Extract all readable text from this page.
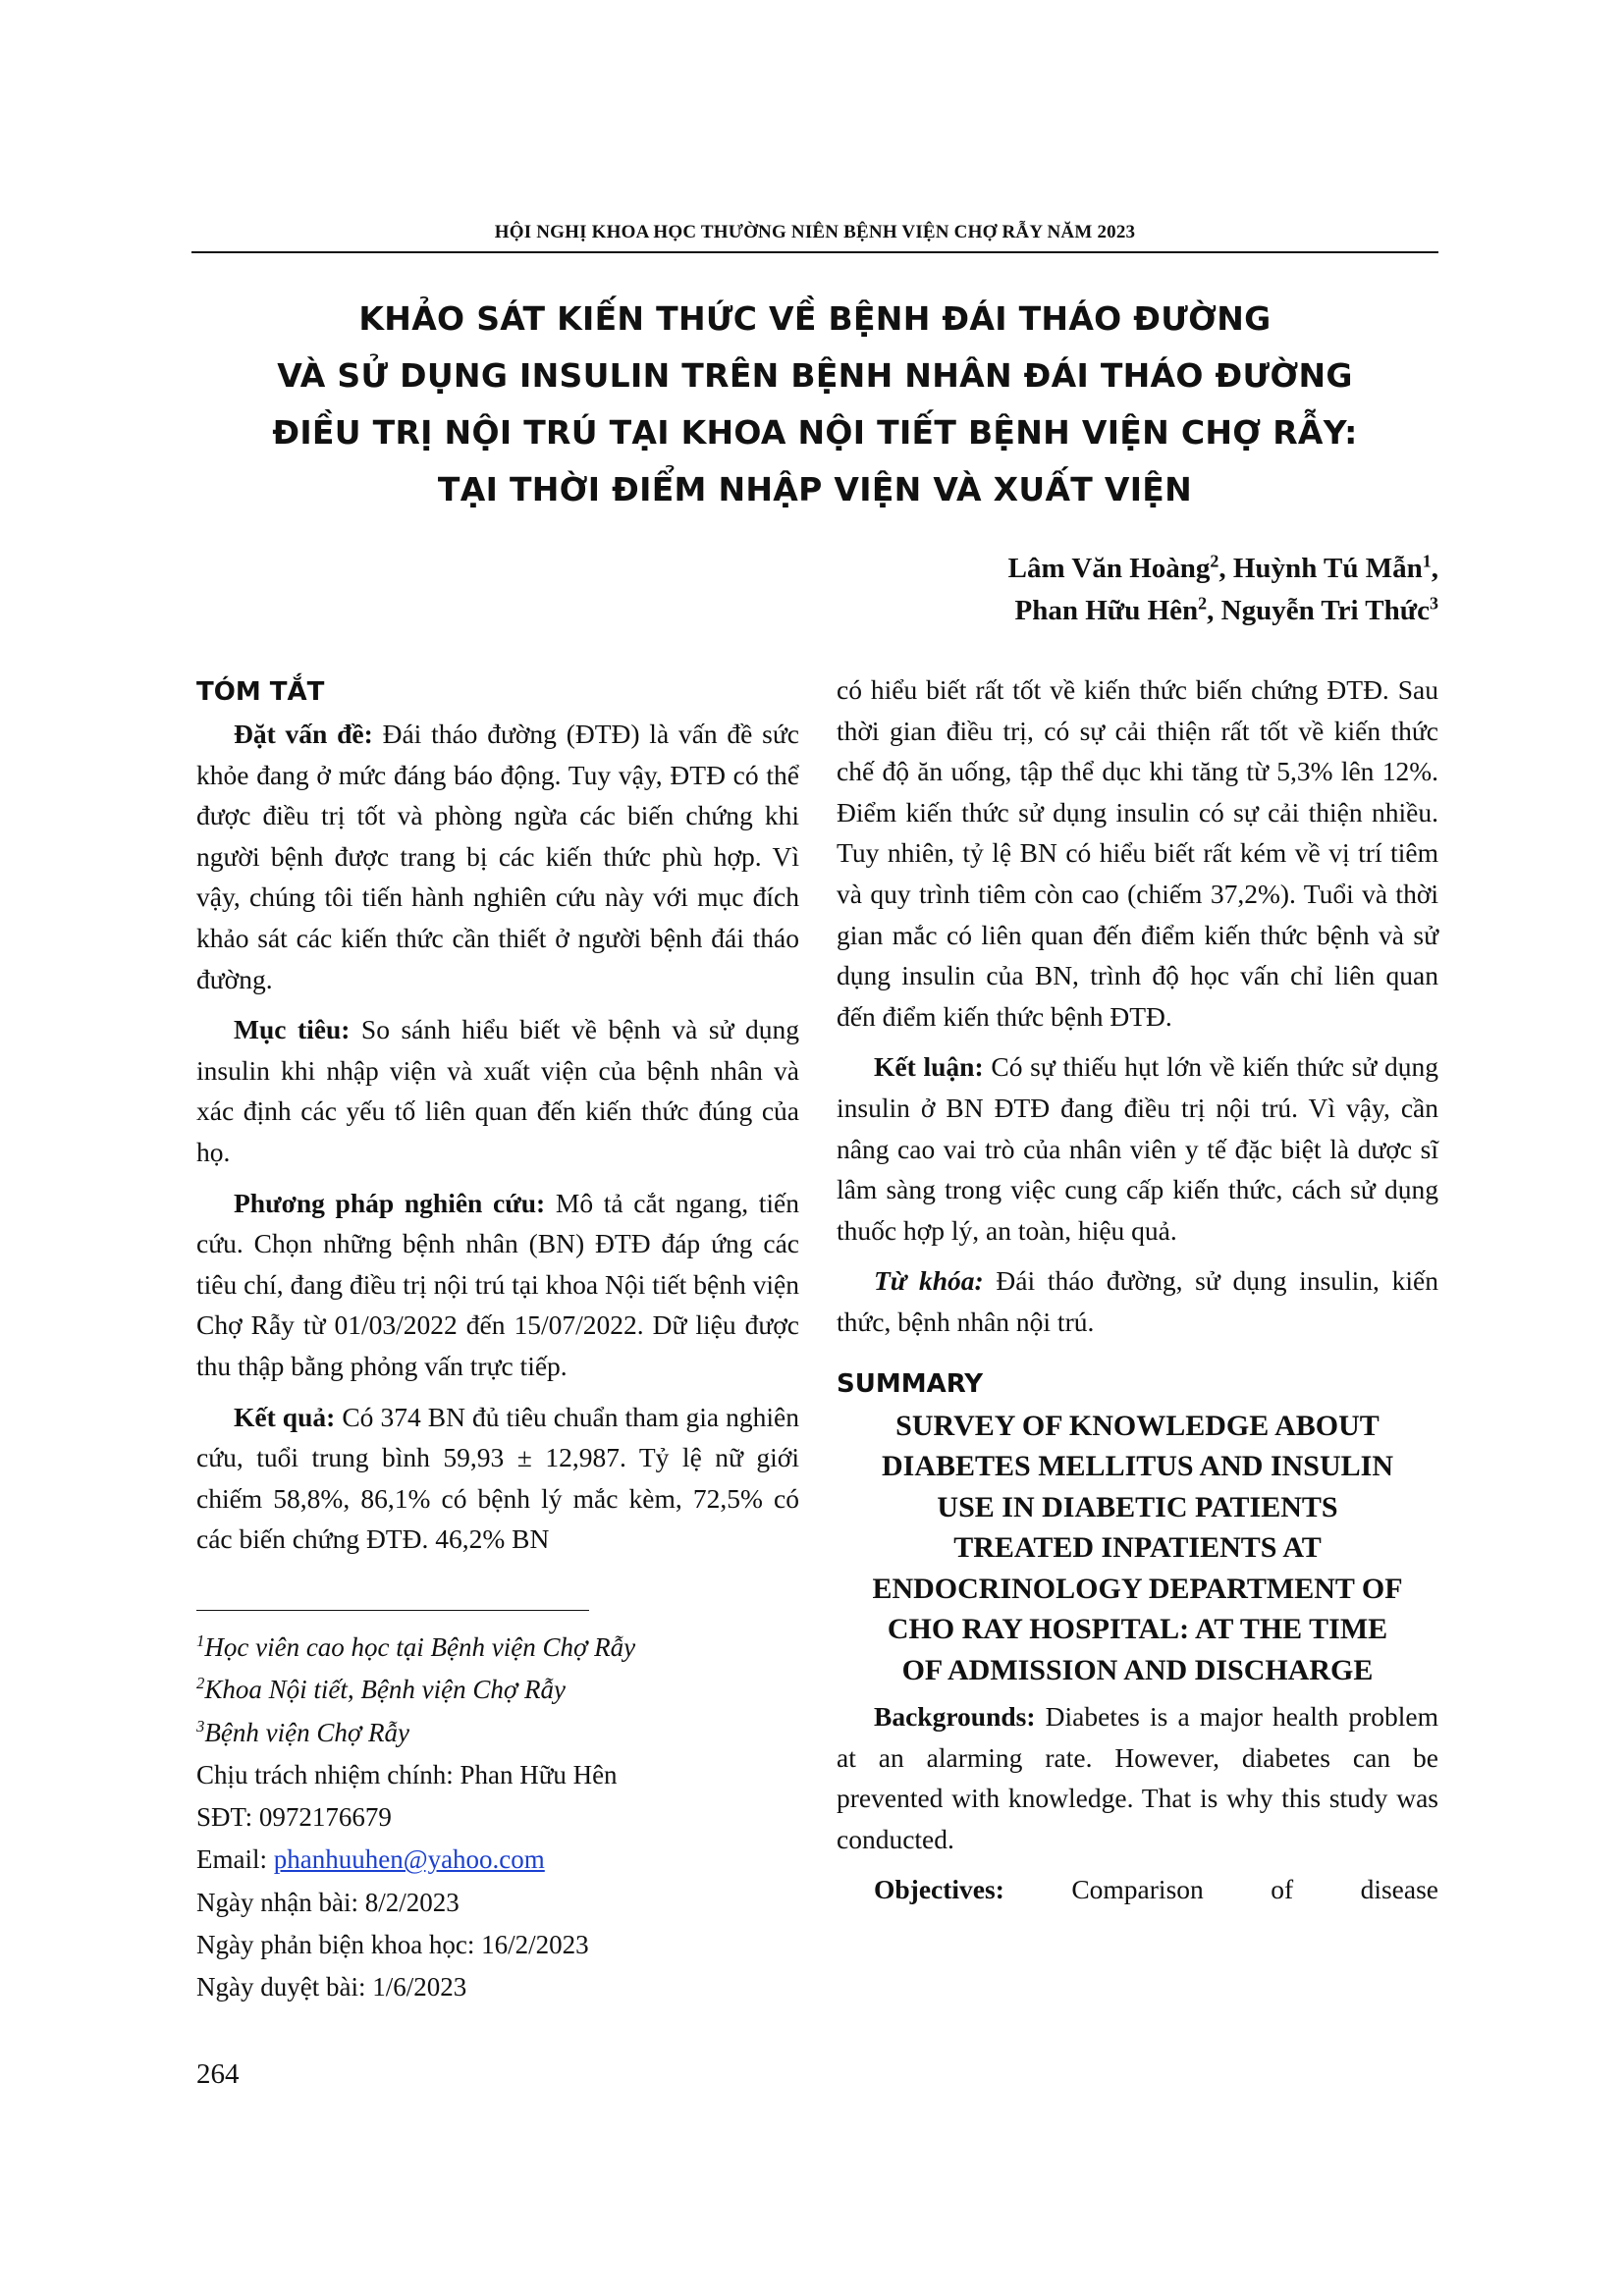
HỘI NGHỊ KHOA HỌC THƯỜNG NIÊN BỆNH VIỆN CHỢ RẪY NĂM 2023
KHẢO SÁT KIẾN THỨC VỀ BỆNH ĐÁI THÁO ĐƯỜNG
VÀ SỬ DỤNG INSULIN TRÊN BỆNH NHÂN ĐÁI THÁO ĐƯỜNG
ĐIỀU TRỊ NỘI TRÚ TẠI KHOA NỘI TIẾT BỆNH VIỆN CHỢ RẪY:
TẠI THỜI ĐIỂM NHẬP VIỆN VÀ XUẤT VIỆN
Lâm Văn Hoàng$^2$, Huỳnh Tú Mẫn$^1$,
Phan Hữu Hên$^2$, Nguyễn Tri Thức$^3$
TÓM TẮT

Đặt vấn đề: Đái tháo đường (ĐTĐ) là vấn đề sức khỏe đang ở mức đáng báo động. Tuy vậy, ĐTĐ có thể được điều trị tốt và phòng ngừa các biến chứng khi người bệnh được trang bị các kiến thức phù hợp. Vì vậy, chúng tôi tiến hành nghiên cứu này với mục đích khảo sát các kiến thức cần thiết ở người bệnh đái tháo đường.

Mục tiêu: So sánh hiểu biết về bệnh và sử dụng insulin khi nhập viện và xuất viện của bệnh nhân và xác định các yếu tố liên quan đến kiến thức đúng của họ.

Phương pháp nghiên cứu: Mô tả cắt ngang, tiến cứu. Chọn những bệnh nhân (BN) ĐTĐ đáp ứng các tiêu chí, đang điều trị nội trú tại khoa Nội tiết bệnh viện Chợ Rẫy từ 01/03/2022 đến 15/07/2022. Dữ liệu được thu thập bằng phỏng vấn trực tiếp.

Kết quả: Có 374 BN đủ tiêu chuẩn tham gia nghiên cứu, tuổi trung bình 59,93 ± 12,987. Tỷ lệ nữ giới chiếm 58,8%, 86,1% có bệnh lý mắc kèm, 72,5% có các biến chứng ĐTĐ. 46,2% BN

$^1$Học viên cao học tại Bệnh viện Chợ Rẫy
$^2$Khoa Nội tiết, Bệnh viện Chợ Rẫy
$^3$Bệnh viện Chợ Rẫy
Chịu trách nhiệm chính: Phan Hữu Hên
SĐT: 0972176679
Email: phanhuuhen@yahoo.com
Ngày nhận bài: 8/2/2023
Ngày phản biện khoa học: 16/2/2023
Ngày duyệt bài: 1/6/2023

có hiểu biết rất tốt về kiến thức biến chứng ĐTĐ. Sau thời gian điều trị, có sự cải thiện rất tốt về kiến thức chế độ ăn uống, tập thể dục khi tăng từ 5,3% lên 12%. Điểm kiến thức sử dụng insulin có sự cải thiện nhiều. Tuy nhiên, tỷ lệ BN có hiểu biết rất kém về vị trí tiêm và quy trình tiêm còn cao (chiếm 37,2%). Tuổi và thời gian mắc có liên quan đến điểm kiến thức bệnh và sử dụng insulin của BN, trình độ học vấn chỉ liên quan đến điểm kiến thức bệnh ĐTĐ.

Kết luận: Có sự thiếu hụt lớn về kiến thức sử dụng insulin ở BN ĐTĐ đang điều trị nội trú. Vì vậy, cần nâng cao vai trò của nhân viên y tế đặc biệt là dược sĩ lâm sàng trong việc cung cấp kiến thức, cách sử dụng thuốc hợp lý, an toàn, hiệu quả.

Từ khóa: Đái tháo đường, sử dụng insulin, kiến thức, bệnh nhân nội trú.

SUMMARY
SURVEY OF KNOWLEDGE ABOUT
DIABETES MELLITUS AND INSULIN
USE IN DIABETIC PATIENTS
TREATED INPATIENTS AT
ENDOCRINOLOGY DEPARTMENT OF
CHO RAY HOSPITAL: AT THE TIME
OF ADMISSION AND DISCHARGE

Backgrounds: Diabetes is a major health problem at an alarming rate. However, diabetes can be prevented with knowledge. That is why this study was conducted.

Objectives: Comparison of disease

264
